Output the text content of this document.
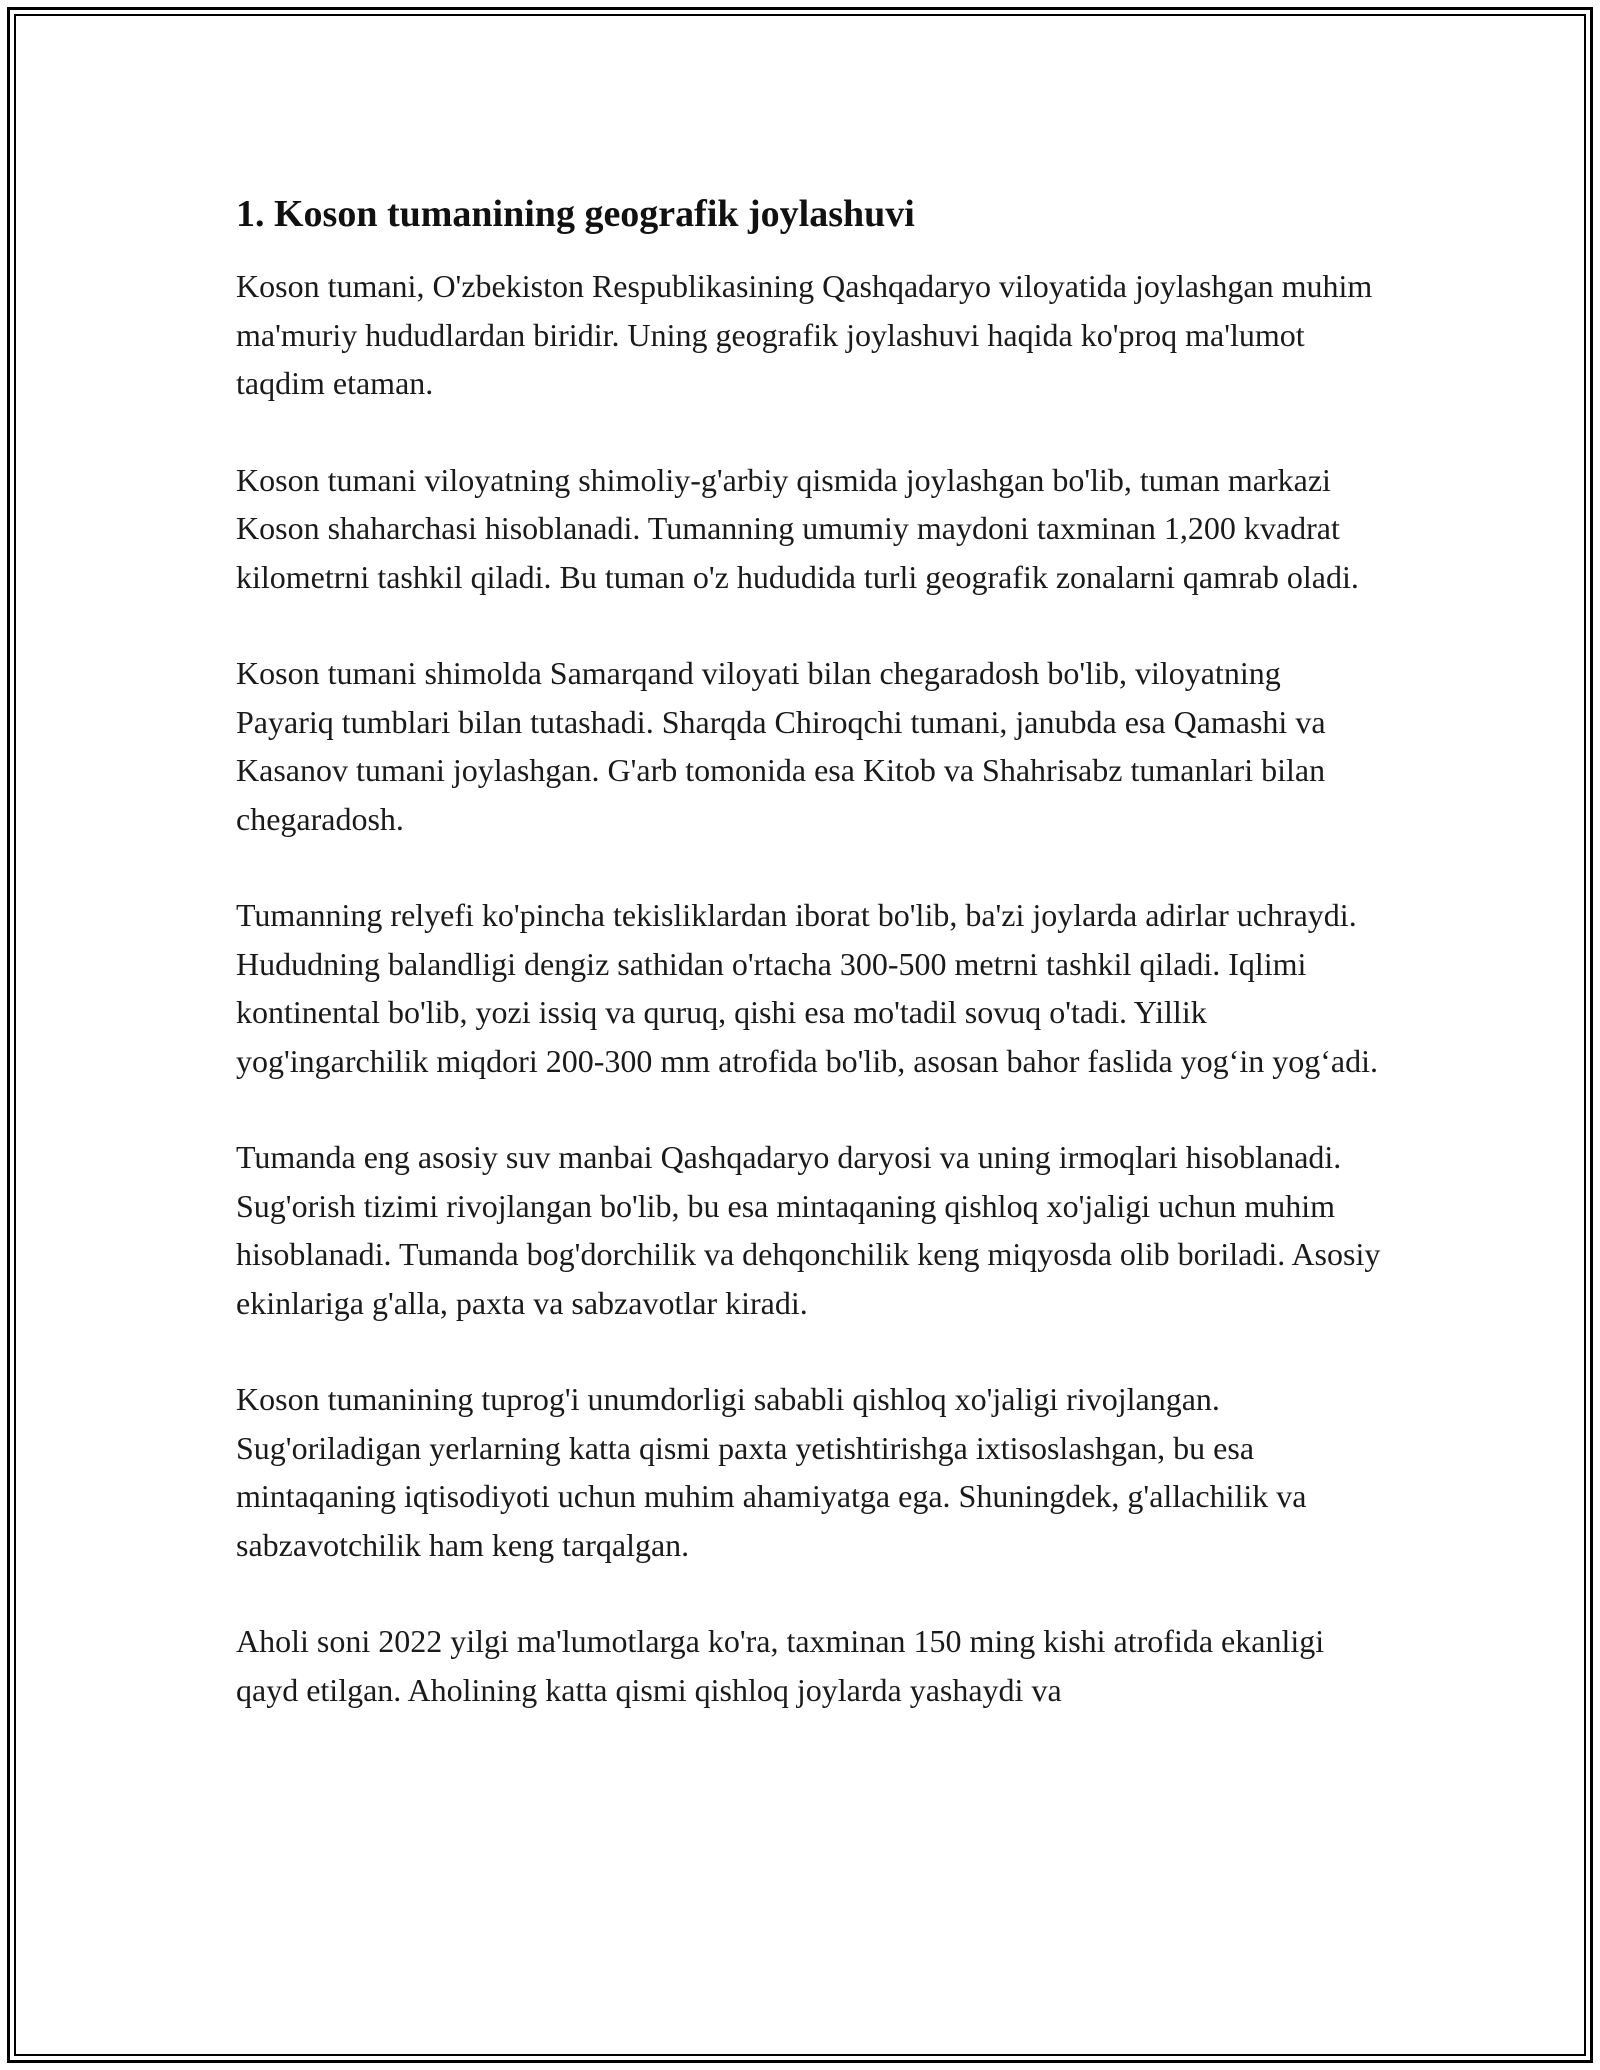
1. Koson tumanining geografik joylashuvi

Koson tumani, O'zbekiston Respublikasining Qashqadaryo viloyatida joylashgan muhim ma'muriy hududlardan biridir. Uning geografik joylashuvi haqida ko'proq ma'lumot taqdim etaman.

Koson tumani viloyatning shimoliy-g'arbiy qismida joylashgan bo'lib, tuman markazi Koson shaharchasi hisoblanadi. Tumanning umumiy maydoni taxminan 1,200 kvadrat kilometrni tashkil qiladi. Bu tuman o'z hududida turli geografik zonalarni qamrab oladi.

Koson tumani shimolda Samarqand viloyati bilan chegaradosh bo'lib, viloyatning Payariq tumblari bilan tutashadi. Sharqda Chiroqchi tumani, janubda esa Qamashi va Kasanov tumani joylashgan. G'arb tomonida esa Kitob va Shahrisabz tumanlari bilan chegaradosh.

Tumanning relyefi ko'pincha tekisliklardan iborat bo'lib, ba'zi joylarda adirlar uchraydi. Hududning balandligi dengiz sathidan o'rtacha 300-500 metrni tashkil qiladi. Iqlimi kontinental bo'lib, yozi issiq va quruq, qishi esa mo'tadil sovuq o'tadi. Yillik yog'ingarchilik miqdori 200-300 mm atrofida bo'lib, asosan bahor faslida yog‘in yog‘adi.

Tumanda eng asosiy suv manbai Qashqadaryo daryosi va uning irmoqlari hisoblanadi. Sug'orish tizimi rivojlangan bo'lib, bu esa mintaqaning qishloq xo'jaligi uchun muhim hisoblanadi. Tumanda bog'dorchilik va dehqonchilik keng miqyosda olib boriladi. Asosiy ekinlariga g'alla, paxta va sabzavotlar kiradi.

Koson tumanining tuprog'i unumdorligi sababli qishloq xo'jaligi rivojlangan. Sug'oriladigan yerlarning katta qismi paxta yetishtirishga ixtisoslashgan, bu esa mintaqaning iqtisodiyoti uchun muhim ahamiyatga ega. Shuningdek, g'allachilik va sabzavotchilik ham keng tarqalgan.

Aholi soni 2022 yilgi ma'lumotlarga ko'ra, taxminan 150 ming kishi atrofida ekanligi qayd etilgan. Aholining katta qismi qishloq joylarda yashaydi va
